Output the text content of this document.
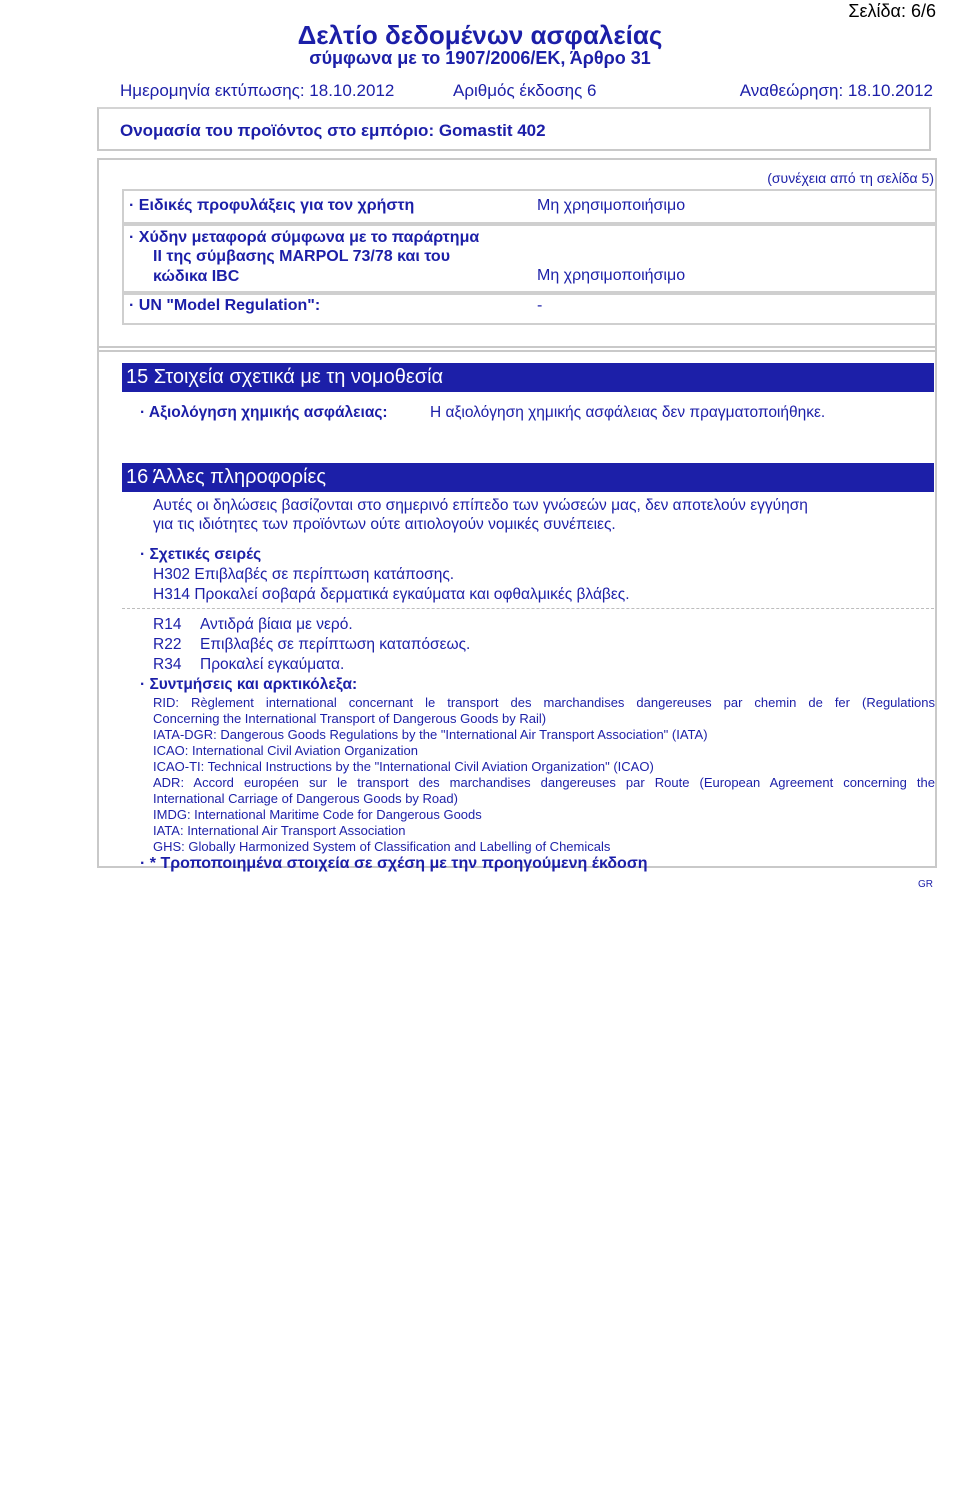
Σελίδα: 6/6
Δελτίο δεδομένων ασφαλείας
σύμφωνα με το 1907/2006/ΕΚ, Άρθρο 31
Ημερομηνία εκτύπωσης: 18.10.2012	Αριθμός έκδοσης 6	Αναθεώρηση: 18.10.2012
Ονομασία του προϊόντος στο εμπόριο: Gomastit 402
(συνέχεια από τη σελίδα 5)
· Ειδικές προφυλάξεις για τον χρήστη	Μη χρησιμοποιήσιμο
· Χύδην μεταφορά σύμφωνα με το παράρτημα
II της σύμβασης MARPOL 73/78 και του
κώδικα IBC	Μη χρησιμοποιήσιμο
· UN "Model Regulation":	-
15 Στοιχεία σχετικά με τη νομοθεσία
· Αξιολόγηση χημικής ασφάλειας:	Η αξιολόγηση χημικής ασφάλειας δεν πραγματοποιήθηκε.
16 Άλλες πληροφορίες
Αυτές οι δηλώσεις βασίζονται στο σημερινό επίπεδο των γνώσεών μας, δεν αποτελούν εγγύηση
για τις ιδιότητες των προϊόντων ούτε αιτιολογούν νομικές συνέπειες.
· Σχετικές σειρές
H302 Επιβλαβές σε περίπτωση κατάποσης.
H314 Προκαλεί σοβαρά δερματικά εγκαύματα και οφθαλμικές βλάβες.
R14 Αντιδρά βίαια με νερό.
R22 Επιβλαβές σε περίπτωση καταπόσεως.
R34 Προκαλεί εγκαύματα.
· Συντμήσεις και αρκτικόλεξα:
RID: Règlement international concernant le transport des marchandises dangereuses par chemin de fer (Regulations
Concerning the International Transport of Dangerous Goods by Rail)
IATA-DGR: Dangerous Goods Regulations by the "International Air Transport Association" (IATA)
ICAO: International Civil Aviation Organization
ICAO-TI: Technical Instructions by the "International Civil Aviation Organization" (ICAO)
ADR: Accord européen sur le transport des marchandises dangereuses par Route (European Agreement concerning the
International Carriage of Dangerous Goods by Road)
IMDG: International Maritime Code for Dangerous Goods
IATA: International Air Transport Association
GHS: Globally Harmonized System of Classification and Labelling of Chemicals
· * Τροποποιημένα στοιχεία σε σχέση με την προηγούμενη έκδοση
GR
